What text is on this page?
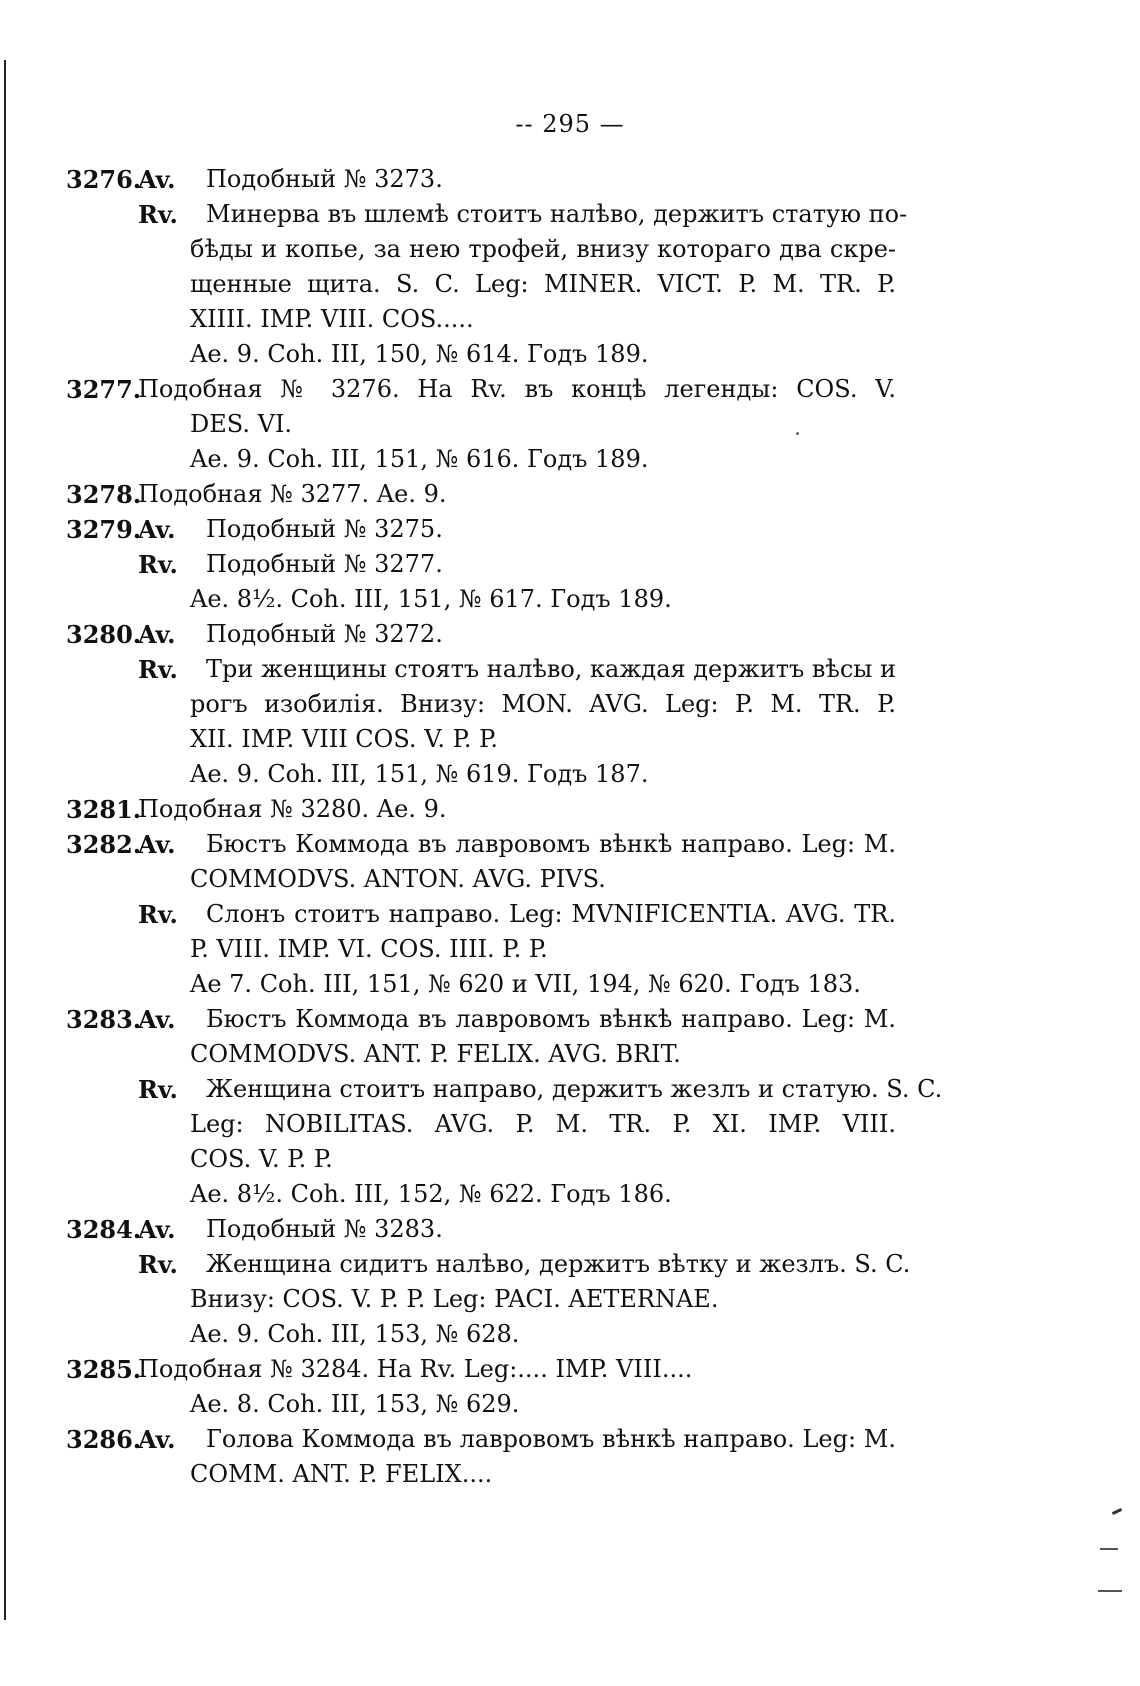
-- 295 —
3276.
Av. Подобный № 3273.
Rv. Минерва въ шлемѣ стоитъ налѣво, держитъ статую по-
бѣды и копье, за нею трофей, внизу котораго два скре-
щенные щита. S. C. Leg: MINER. VICT. P. M. TR. P.
XIIII. IMP. VIII. COS.....
Ae. 9. Coh. III, 150, № 614. Годъ 189.
3277.
Подобная № 3276. На Rv. въ концѣ легенды: COS. V.
DES. VI.
Ae. 9. Coh. III, 151, № 616. Годъ 189.
3278.
Подобная № 3277. Ae. 9.
3279.
Av. Подобный № 3275.
Rv. Подобный № 3277.
Ae. 8½. Coh. III, 151, № 617. Годъ 189.
3280.
Av. Подобный № 3272.
Rv. Три женщины стоятъ налѣво, каждая держитъ вѣсы и
рогъ изобилія. Внизу: MON. AVG. Leg: P. M. TR. P.
XII. IMP. VIII COS. V. P. P.
Ae. 9. Coh. III, 151, № 619. Годъ 187.
3281.
Подобная № 3280. Ae. 9.
3282.
Av. Бюстъ Коммода въ лавровомъ вѣнкѣ направо. Leg: M.
COMMODVS. ANTON. AVG. PIVS.
Rv. Слонъ стоитъ направо. Leg: MVNIFICENTIA. AVG. TR.
P. VIII. IMP. VI. COS. IIII. P. P.
Ae 7. Coh. III, 151, № 620 и VII, 194, № 620. Годъ 183.
3283.
Av. Бюстъ Коммода въ лавровомъ вѣнкѣ направо. Leg: M.
COMMODVS. ANT. P. FELIX. AVG. BRIT.
Rv. Женщина стоитъ направо, держитъ жезлъ и статую. S. C.
Leg: NOBILITAS. AVG. P. M. TR. P. XI. IMP. VIII.
COS. V. P. P.
Ae. 8½. Coh. III, 152, № 622. Годъ 186.
3284.
Av. Подобный № 3283.
Rv. Женщина сидитъ налѣво, держитъ вѣтку и жезлъ. S. C.
Внизу: COS. V. P. P. Leg: PACI. AETERNAE.
Ae. 9. Coh. III, 153, № 628.
3285.
Подобная № 3284. На Rv. Leg:.... IMP. VIII....
Ae. 8. Coh. III, 153, № 629.
3286.
Av. Голова Коммода въ лавровомъ вѣнкѣ направо. Leg: M.
COMM. ANT. P. FELIX....
